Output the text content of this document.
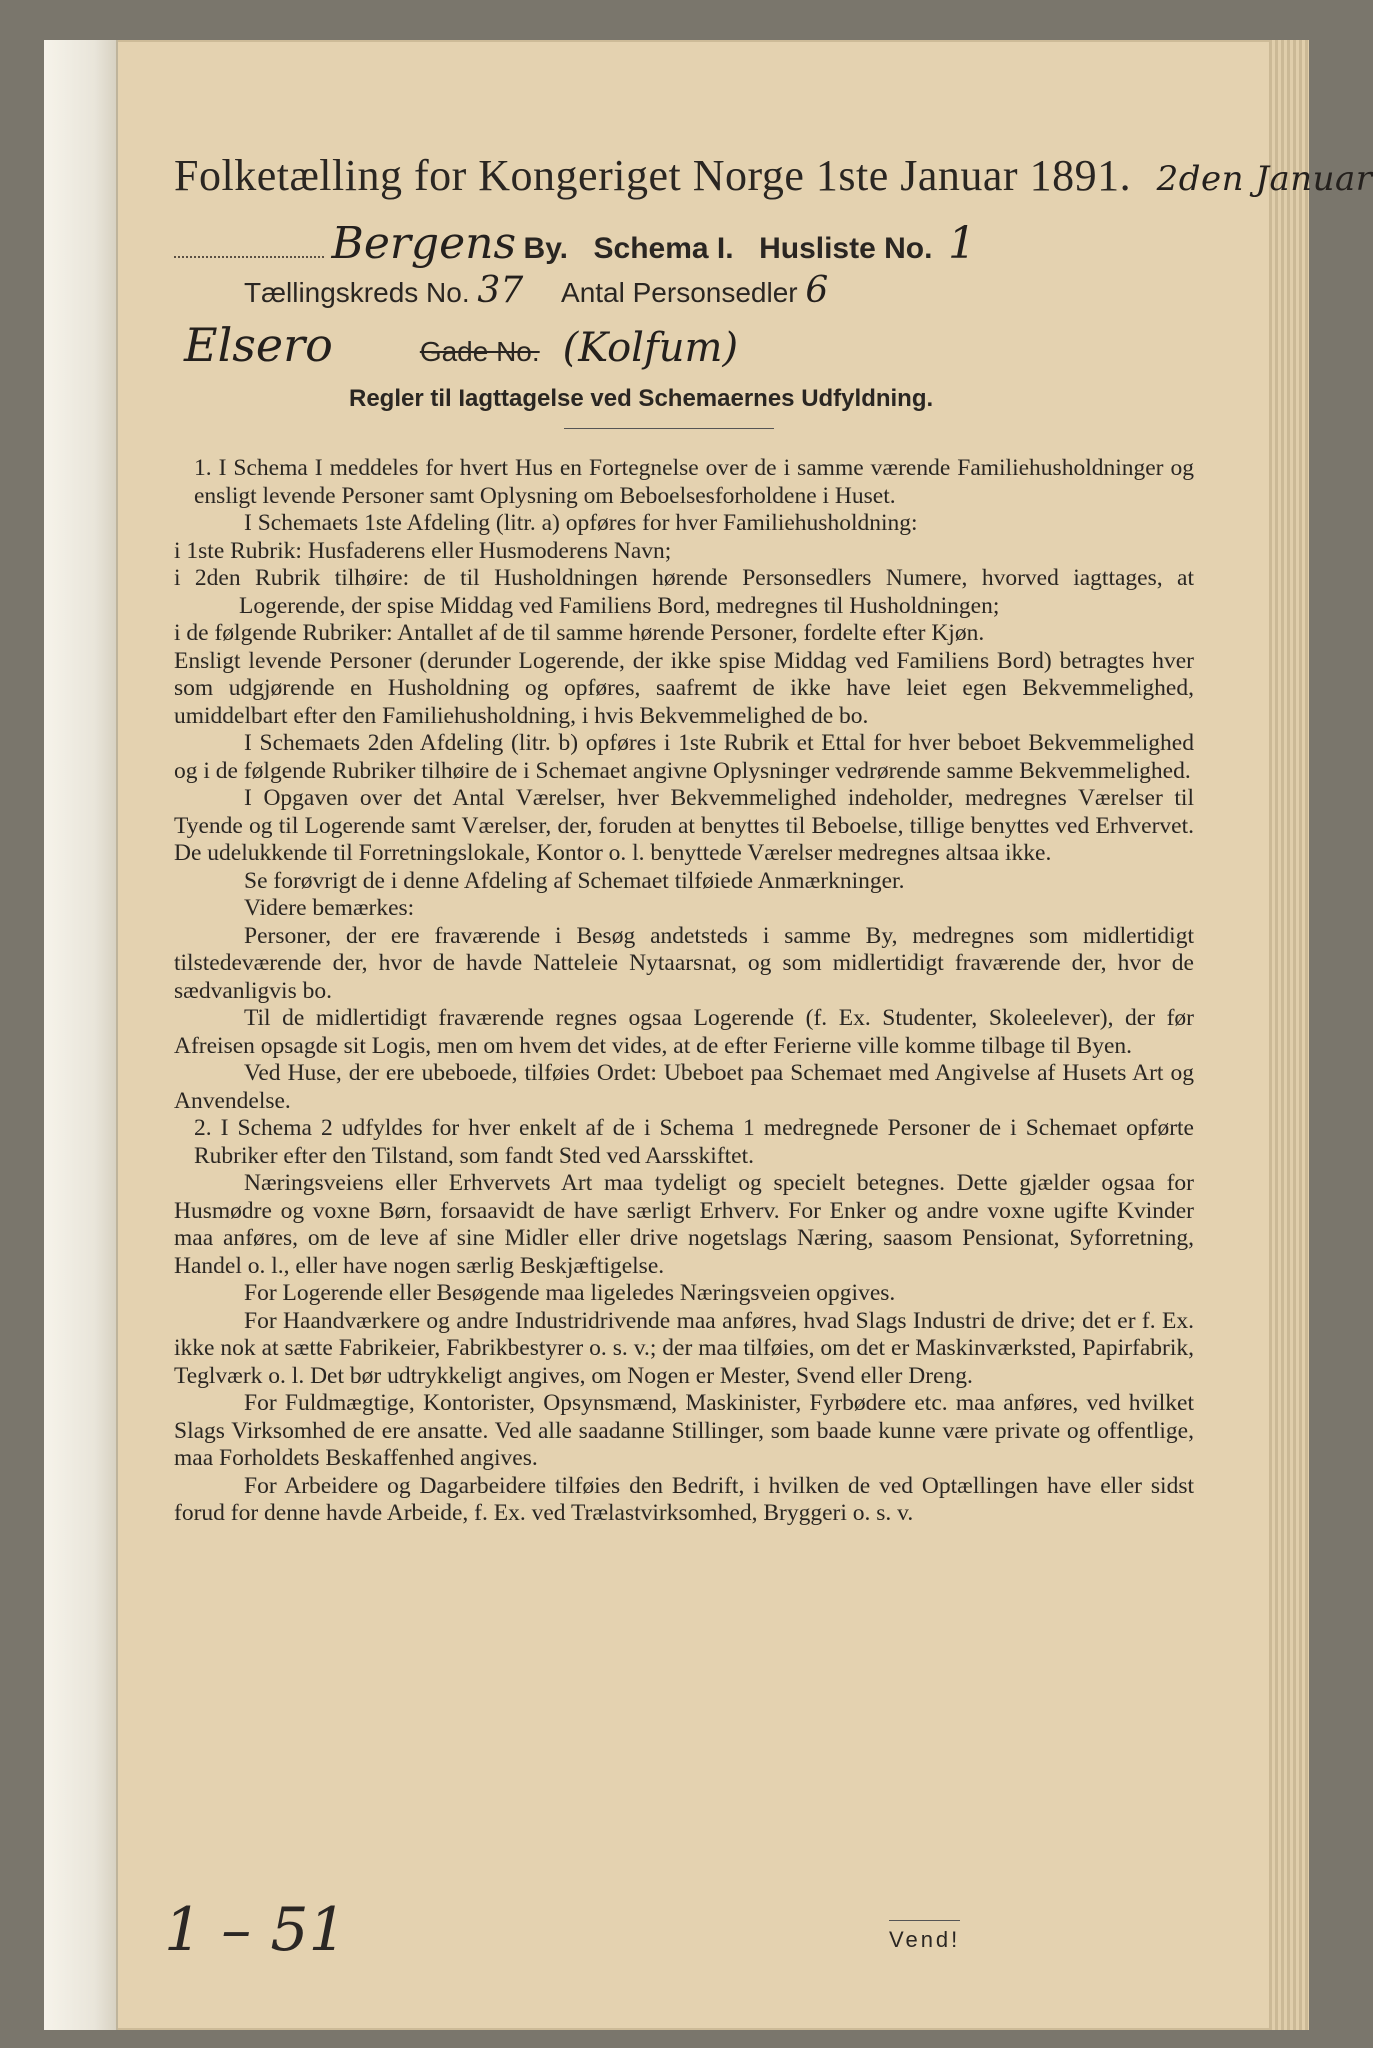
Folketælling for Kongeriget Norge 1ste Januar 1891. 2den Januar
Bergens By. Schema I. Husliste No. 1
Tællingskreds No. 37 Antal Personsedler 6
Elsero	Gade No. (Kolfum)
Regler til Iagttagelse ved Schemaernes Udfyldning.

1. I Schema I meddeles for hvert Hus en Fortegnelse over de i samme værende Familiehusholdninger og ensligt levende Personer samt Oplysning om Beboelsesforholdene i Huset.

I Schemaets 1ste Afdeling (litr. a) opføres for hver Familiehusholdning:

i 1ste Rubrik: Husfaderens eller Husmoderens Navn;

i 2den Rubrik tilhøire: de til Husholdningen hørende Personsedlers Numere, hvorved iagttages, at Logerende, der spise Middag ved Familiens Bord, medregnes til Husholdningen;

i de følgende Rubriker: Antallet af de til samme hørende Personer, fordelte efter Kjøn.

Ensligt levende Personer (derunder Logerende, der ikke spise Middag ved Familiens Bord) betragtes hver som udgjørende en Husholdning og opføres, saafremt de ikke have leiet egen Bekvemmelighed, umiddelbart efter den Familiehusholdning, i hvis Bekvemmelighed de bo.

I Schemaets 2den Afdeling (litr. b) opføres i 1ste Rubrik et Ettal for hver beboet Bekvemmelighed og i de følgende Rubriker tilhøire de i Schemaet angivne Oplysninger vedrørende samme Bekvemmelighed.

I Opgaven over det Antal Værelser, hver Bekvemmelighed indeholder, medregnes Værelser til Tyende og til Logerende samt Værelser, der, foruden at benyttes til Beboelse, tillige benyttes ved Erhvervet. De udelukkende til Forretningslokale, Kontor o. l. benyttede Værelser medregnes altsaa ikke.

Se forøvrigt de i denne Afdeling af Schemaet tilføiede Anmærkninger.

Videre bemærkes:

Personer, der ere fraværende i Besøg andetsteds i samme By, medregnes som midlertidigt tilstedeværende der, hvor de havde Natteleie Nytaarsnat, og som midlertidigt fraværende der, hvor de sædvanligvis bo.

Til de midlertidigt fraværende regnes ogsaa Logerende (f. Ex. Studenter, Skoleelever), der før Afreisen opsagde sit Logis, men om hvem det vides, at de efter Ferierne ville komme tilbage til Byen.

Ved Huse, der ere ubeboede, tilføies Ordet: Ubeboet paa Schemaet med Angivelse af Husets Art og Anvendelse.

2. I Schema 2 udfyldes for hver enkelt af de i Schema 1 medregnede Personer de i Schemaet opførte Rubriker efter den Tilstand, som fandt Sted ved Aarsskiftet.

Næringsveiens eller Erhvervets Art maa tydeligt og specielt betegnes. Dette gjælder ogsaa for Husmødre og voxne Børn, forsaavidt de have særligt Erhverv. For Enker og andre voxne ugifte Kvinder maa anføres, om de leve af sine Midler eller drive nogetslags Næring, saasom Pensionat, Syforretning, Handel o. l., eller have nogen særlig Beskjæftigelse.

For Logerende eller Besøgende maa ligeledes Næringsveien opgives.

For Haandværkere og andre Industridrivende maa anføres, hvad Slags Industri de drive; det er f. Ex. ikke nok at sætte Fabrikeier, Fabrikbestyrer o. s. v.; der maa tilføies, om det er Maskinværksted, Papirfabrik, Teglværk o. l. Det bør udtrykkeligt angives, om Nogen er Mester, Svend eller Dreng.

For Fuldmægtige, Kontorister, Opsynsmænd, Maskinister, Fyrbødere etc. maa anføres, ved hvilket Slags Virksomhed de ere ansatte. Ved alle saadanne Stillinger, som baade kunne være private og offentlige, maa Forholdets Beskaffenhed angives.

For Arbeidere og Dagarbeidere tilføies den Bedrift, i hvilken de ved Optællingen have eller sidst forud for denne havde Arbeide, f. Ex. ved Trælastvirksomhed, Bryggeri o. s. v.

1 – 51	Vend!
